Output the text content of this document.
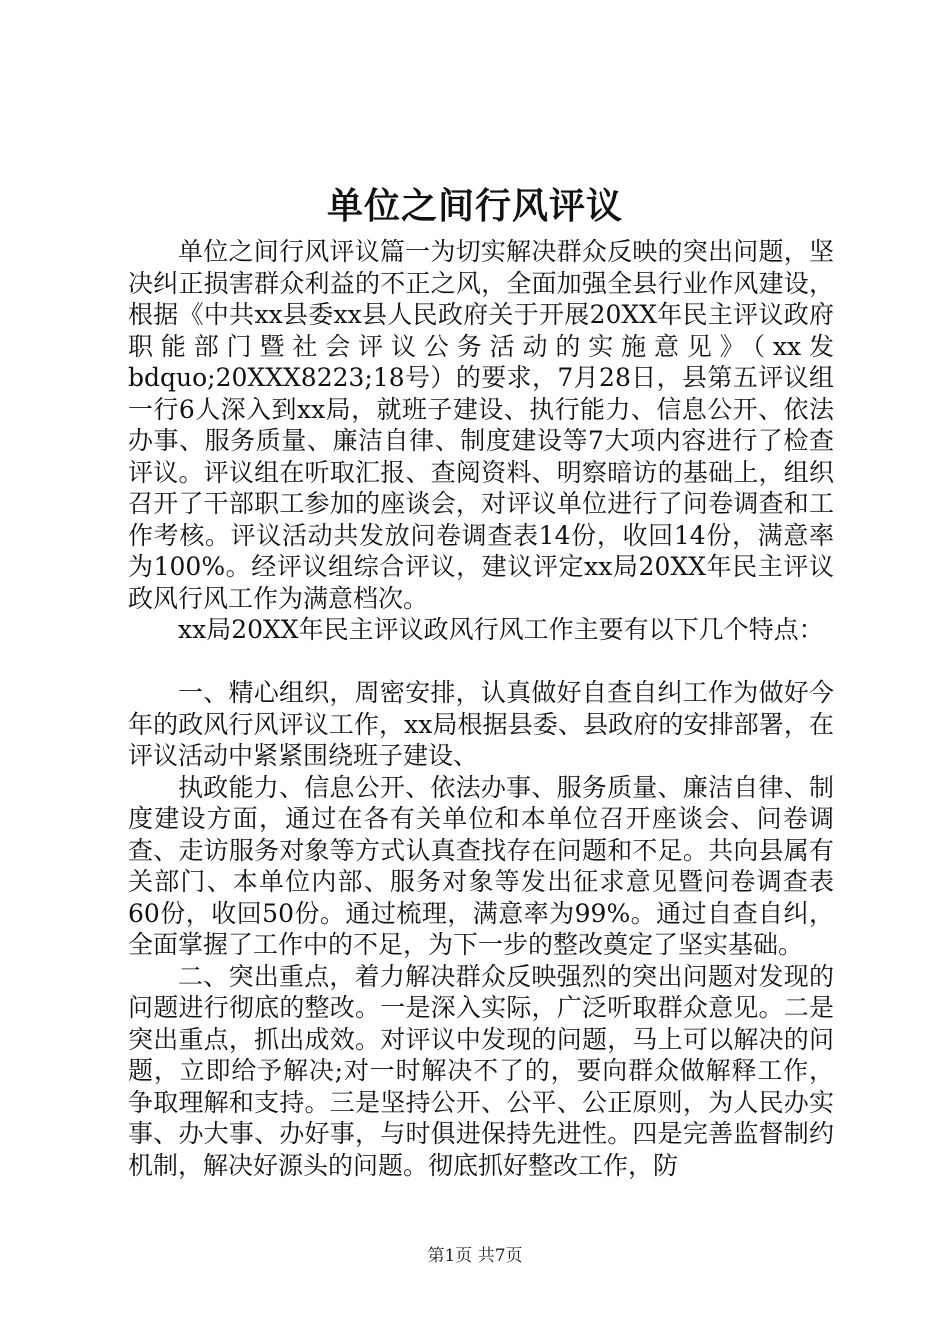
单位之间行风评议

单位之间行风评议篇一为切实解决群众反映的突出问题，坚决纠正损害群众利益的不正之风，全面加强全县行业作风建设，根据《中共xx县委xx县人民政府关于开展20XX年民主评议政府职能部门暨社会评议公务活动的实施意见》（xx发bdquo;20XXX8223;18号）的要求，7月28日，县第五评议组一行6人深入到xx局，就班子建设、执行能力、信息公开、依法办事、服务质量、廉洁自律、制度建设等7大项内容进行了检查评议。评议组在听取汇报、查阅资料、明察暗访的基础上，组织召开了干部职工参加的座谈会，对评议单位进行了问卷调查和工作考核。评议活动共发放问卷调查表14份，收回14份，满意率为100%。经评议组综合评议，建议评定xx局20XX年民主评议政风行风工作为满意档次。

xx局20XX年民主评议政风行风工作主要有以下几个特点：

一、精心组织，周密安排，认真做好自查自纠工作为做好今年的政风行风评议工作，xx局根据县委、县政府的安排部署，在评议活动中紧紧围绕班子建设、

执政能力、信息公开、依法办事、服务质量、廉洁自律、制度建设方面，通过在各有关单位和本单位召开座谈会、问卷调查、走访服务对象等方式认真查找存在问题和不足。共向县属有关部门、本单位内部、服务对象等发出征求意见暨问卷调查表60份，收回50份。通过梳理，满意率为99%。通过自查自纠，全面掌握了工作中的不足，为下一步的整改奠定了坚实基础。

二、突出重点，着力解决群众反映强烈的突出问题对发现的问题进行彻底的整改。一是深入实际，广泛听取群众意见。二是突出重点，抓出成效。对评议中发现的问题，马上可以解决的问题，立即给予解决;对一时解决不了的，要向群众做解释工作，争取理解和支持。三是坚持公开、公平、公正原则，为人民办实事、办大事、办好事，与时俱进保持先进性。四是完善监督制约机制，解决好源头的问题。彻底抓好整改工作，防

第1页 共7页
